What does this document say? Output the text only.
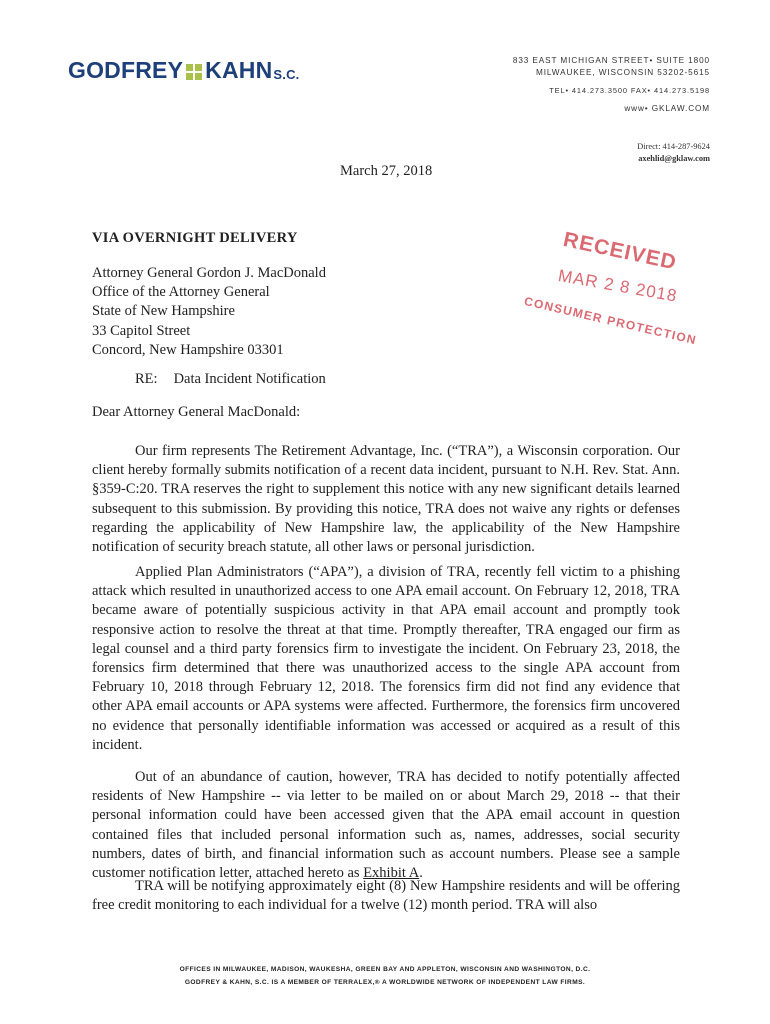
GODFREY KAHN S.C.
833 EAST MICHIGAN STREET• SUITE 1800
MILWAUKEE, WISCONSIN 53202-5615
TEL• 414.273.3500 FAX• 414.273.5198
www• GKLAW.COM
Direct: 414-287-9624
axehlid@gklaw.com
March 27, 2018
RECEIVED
MAR 2 8 2018
CONSUMER PROTECTION
VIA OVERNIGHT DELIVERY
Attorney General Gordon J. MacDonald
Office of the Attorney General
State of New Hampshire
33 Capitol Street
Concord, New Hampshire 03301
RE: Data Incident Notification
Dear Attorney General MacDonald:

Our firm represents The Retirement Advantage, Inc. (“TRA”), a Wisconsin corporation. Our client hereby formally submits notification of a recent data incident, pursuant to N.H. Rev. Stat. Ann. §359-C:20. TRA reserves the right to supplement this notice with any new significant details learned subsequent to this submission. By providing this notice, TRA does not waive any rights or defenses regarding the applicability of New Hampshire law, the applicability of the New Hampshire notification of security breach statute, all other laws or personal jurisdiction.

Applied Plan Administrators (“APA”), a division of TRA, recently fell victim to a phishing attack which resulted in unauthorized access to one APA email account. On February 12, 2018, TRA became aware of potentially suspicious activity in that APA email account and promptly took responsive action to resolve the threat at that time. Promptly thereafter, TRA engaged our firm as legal counsel and a third party forensics firm to investigate the incident. On February 23, 2018, the forensics firm determined that there was unauthorized access to the single APA account from February 10, 2018 through February 12, 2018. The forensics firm did not find any evidence that other APA email accounts or APA systems were affected. Furthermore, the forensics firm uncovered no evidence that personally identifiable information was accessed or acquired as a result of this incident.

Out of an abundance of caution, however, TRA has decided to notify potentially affected residents of New Hampshire -- via letter to be mailed on or about March 29, 2018 -- that their personal information could have been accessed given that the APA email account in question contained files that included personal information such as, names, addresses, social security numbers, dates of birth, and financial information such as account numbers. Please see a sample customer notification letter, attached hereto as Exhibit A.

TRA will be notifying approximately eight (8) New Hampshire residents and will be offering free credit monitoring to each individual for a twelve (12) month period. TRA will also

OFFICES IN MILWAUKEE, MADISON, WAUKESHA, GREEN BAY AND APPLETON, WISCONSIN AND WASHINGTON, D.C.
GODFREY & KAHN, S.C. IS A MEMBER OF TERRALEX,® A WORLDWIDE NETWORK OF INDEPENDENT LAW FIRMS.
